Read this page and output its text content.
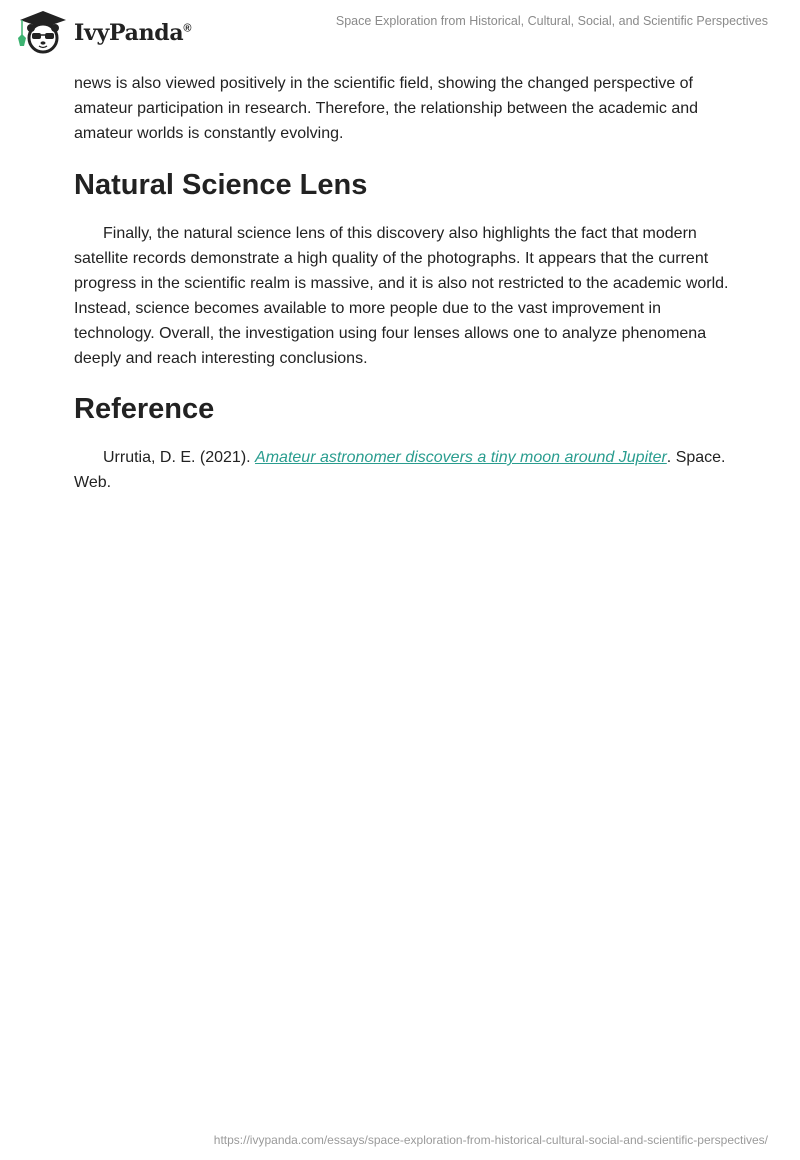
IvyPanda®
Space Exploration from Historical, Cultural, Social, and Scientific Perspectives

news is also viewed positively in the scientific field, showing the changed perspective of amateur participation in research. Therefore, the relationship between the academic and amateur worlds is constantly evolving.

Natural Science Lens

Finally, the natural science lens of this discovery also highlights the fact that modern satellite records demonstrate a high quality of the photographs. It appears that the current progress in the scientific realm is massive, and it is also not restricted to the academic world. Instead, science becomes available to more people due to the vast improvement in technology. Overall, the investigation using four lenses allows one to analyze phenomena deeply and reach interesting conclusions.

Reference

Urrutia, D. E. (2021). Amateur astronomer discovers a tiny moon around Jupiter. Space. Web.

https://ivypanda.com/essays/space-exploration-from-historical-cultural-social-and-scientific-perspectives/
